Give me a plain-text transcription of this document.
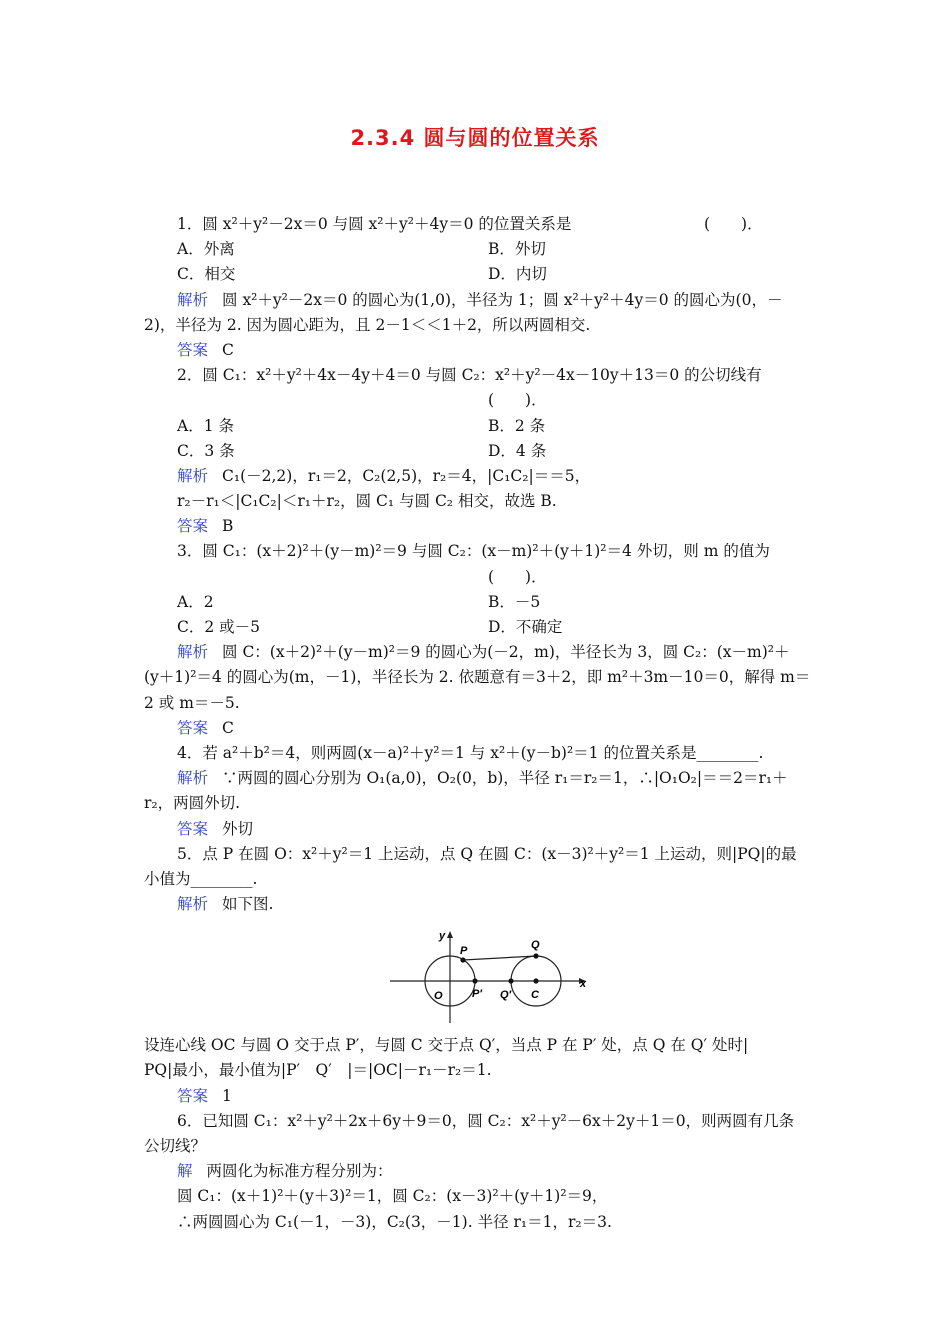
2.3.4 圆与圆的位置关系
1．圆 x²＋y²－2x＝0 与圆 x²＋y²＋4y＝0 的位置关系是	(　　)．
A．外离	B．外切
C．相交	D．内切
解析 圆 x²＋y²－2x＝0 的圆心为(1,0)，半径为 1；圆 x²＋y²＋4y＝0 的圆心为(0，－
2)，半径为 2. 因为圆心距为，且 2－1＜＜1＋2，所以两圆相交.
答案 C
2．圆 C₁：x²＋y²＋4x－4y＋4＝0 与圆 C₂：x²＋y²－4x－10y＋13＝0 的公切线有
(　　)．
A．1 条	B．2 条
C．3 条	D．4 条
解析 C₁(－2,2)，r₁＝2，C₂(2,5)，r₂＝4，|C₁C₂|＝＝5，
r₂－r₁＜|C₁C₂|＜r₁＋r₂，圆 C₁ 与圆 C₂ 相交，故选 B.
答案 B
3．圆 C₁：(x＋2)²＋(y－m)²＝9 与圆 C₂：(x－m)²＋(y＋1)²＝4 外切，则 m 的值为
(　　)．
A．2	B．－5
C．2 或－5	D．不确定
解析 圆 C：(x＋2)²＋(y－m)²＝9 的圆心为(－2，m)，半径长为 3，圆 C₂：(x－m)²＋
(y＋1)²＝4 的圆心为(m，－1)，半径长为 2. 依题意有＝3＋2，即 m²＋3m－10＝0，解得 m＝
2 或 m＝－5.
答案 C
4．若 a²＋b²＝4，则两圆(x－a)²＋y²＝1 与 x²＋(y－b)²＝1 的位置关系是________.
解析 ∵两圆的圆心分别为 O₁(a,0)，O₂(0，b)，半径 r₁＝r₂＝1，∴|O₁O₂|＝＝2＝r₁＋
r₂，两圆外切.
答案 外切
5．点 P 在圆 O：x²＋y²＝1 上运动，点 Q 在圆 C：(x－3)²＋y²＝1 上运动，则|PQ|的最
小值为________.
解析 如下图.
y
P	Q
O	P′ Q′ C
x
设连心线 OC 与圆 O 交于点 P′，与圆 C 交于点 Q′，当点 P 在 P′ 处，点 Q 在 Q′ 处时|
PQ|最小，最小值为|P′　Q′　|＝|OC|－r₁－r₂＝1.
答案 1
6．已知圆 C₁：x²＋y²＋2x＋6y＋9＝0，圆 C₂：x²＋y²－6x＋2y＋1＝0，则两圆有几条
公切线？
解 两圆化为标准方程分别为：
圆 C₁：(x＋1)²＋(y＋3)²＝1，圆 C₂：(x－3)²＋(y＋1)²＝9，
∴两圆圆心为 C₁(－1，－3)，C₂(3，－1). 半径 r₁＝1，r₂＝3.
